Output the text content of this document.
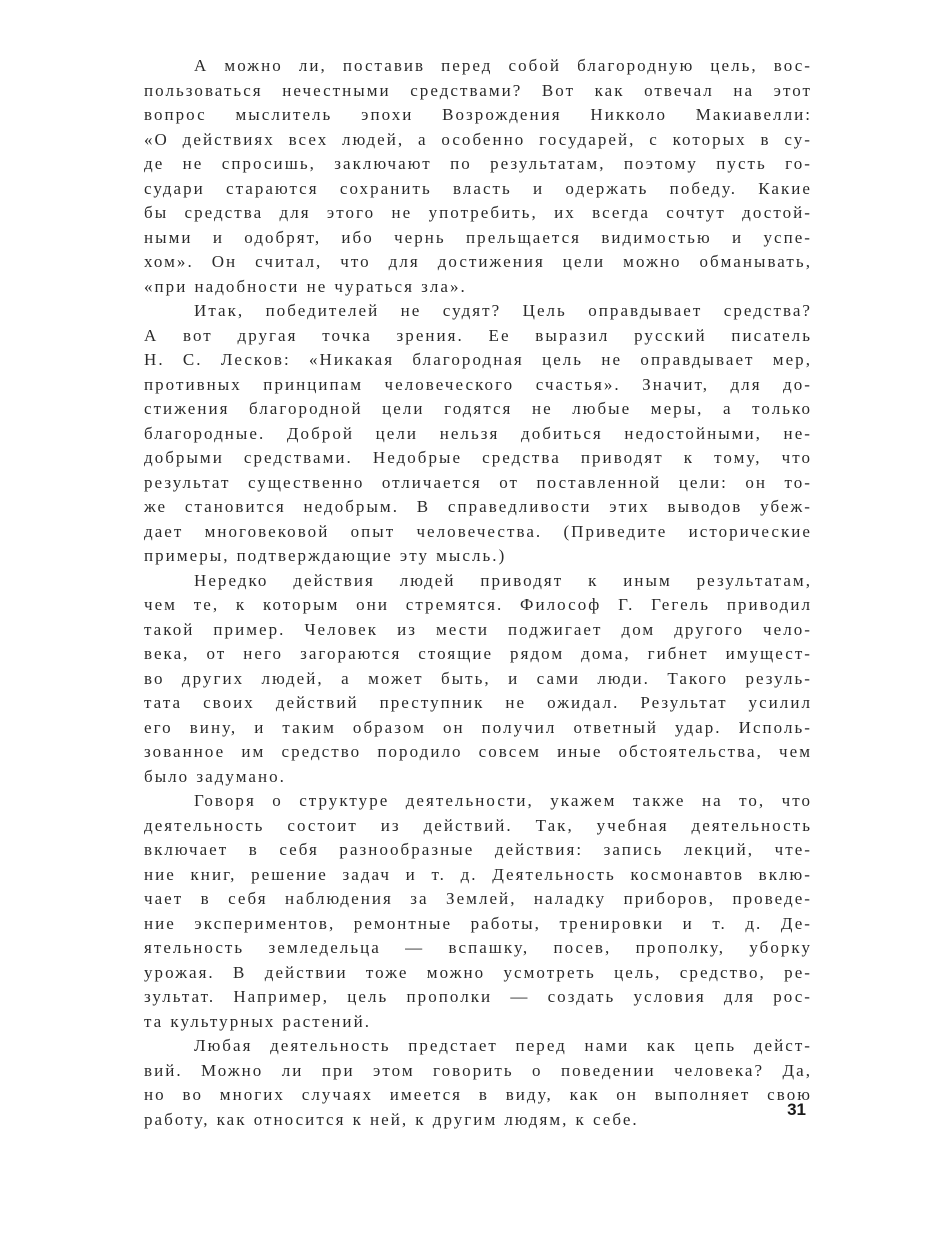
А можно ли, поставив перед собой благородную цель, вос-
пользоваться нечестными средствами? Вот как отвечал на этот
вопрос мыслитель эпохи Возрождения Никколо Макиавелли:
«О действиях всех людей, а особенно государей, с которых в су-
де не спросишь, заключают по результатам, поэтому пусть го-
судари стараются сохранить власть и одержать победу. Какие
бы средства для этого не употребить, их всегда сочтут достой-
ными и одобрят, ибо чернь прельщается видимостью и успе-
хом». Он считал, что для достижения цели можно обманывать,
«при надобности не чураться зла».
Итак, победителей не судят? Цель оправдывает средства?
А вот другая точка зрения. Ее выразил русский писатель
Н. С. Лесков: «Никакая благородная цель не оправдывает мер,
противных принципам человеческого счастья». Значит, для до-
стижения благородной цели годятся не любые меры, а только
благородные. Доброй цели нельзя добиться недостойными, не-
добрыми средствами. Недобрые средства приводят к тому, что
результат существенно отличается от поставленной цели: он то-
же становится недобрым. В справедливости этих выводов убеж-
дает многовековой опыт человечества. (Приведите исторические
примеры, подтверждающие эту мысль.)
Нередко действия людей приводят к иным результатам,
чем те, к которым они стремятся. Философ Г. Гегель приводил
такой пример. Человек из мести поджигает дом другого чело-
века, от него загораются стоящие рядом дома, гибнет имущест-
во других людей, а может быть, и сами люди. Такого резуль-
тата своих действий преступник не ожидал. Результат усилил
его вину, и таким образом он получил ответный удар. Исполь-
зованное им средство породило совсем иные обстоятельства, чем
было задумано.
Говоря о структуре деятельности, укажем также на то, что
деятельность состоит из действий. Так, учебная деятельность
включает в себя разнообразные действия: запись лекций, чте-
ние книг, решение задач и т. д. Деятельность космонавтов вклю-
чает в себя наблюдения за Землей, наладку приборов, проведе-
ние экспериментов, ремонтные работы, тренировки и т. д. Де-
ятельность земледельца — вспашку, посев, прополку, уборку
урожая. В действии тоже можно усмотреть цель, средство, ре-
зультат. Например, цель прополки — создать условия для рос-
та культурных растений.
Любая деятельность предстает перед нами как цепь дейст-
вий. Можно ли при этом говорить о поведении человека? Да,
но во многих случаях имеется в виду, как он выполняет свою
работу, как относится к ней, к другим людям, к себе.	31
